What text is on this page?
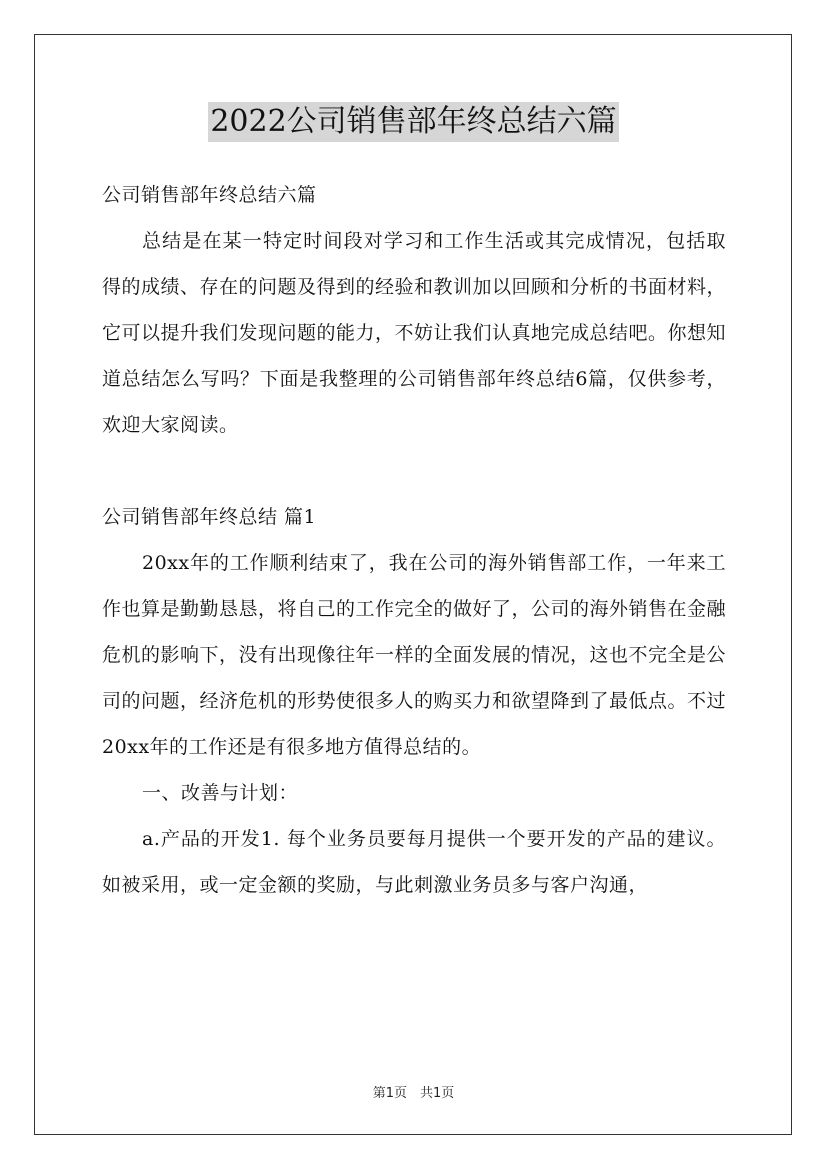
2022公司销售部年终总结六篇

公司销售部年终总结六篇

总结是在某一特定时间段对学习和工作生活或其完成情况，包括取得的成绩、存在的问题及得到的经验和教训加以回顾和分析的书面材料，它可以提升我们发现问题的能力，不妨让我们认真地完成总结吧。你想知道总结怎么写吗？下面是我整理的公司销售部年终总结6篇，仅供参考，欢迎大家阅读。

公司销售部年终总结 篇1

20xx年的工作顺利结束了，我在公司的海外销售部工作，一年来工作也算是勤勤恳恳，将自己的工作完全的做好了，公司的海外销售在金融危机的影响下，没有出现像往年一样的全面发展的情况，这也不完全是公司的问题，经济危机的形势使很多人的购买力和欲望降到了最低点。不过20xx年的工作还是有很多地方值得总结的。

一、改善与计划：

a.产品的开发1. 每个业务员要每月提供一个要开发的产品的建议。如被采用，或一定金额的奖励，与此刺激业务员多与客户沟通，

第1页　共1页
